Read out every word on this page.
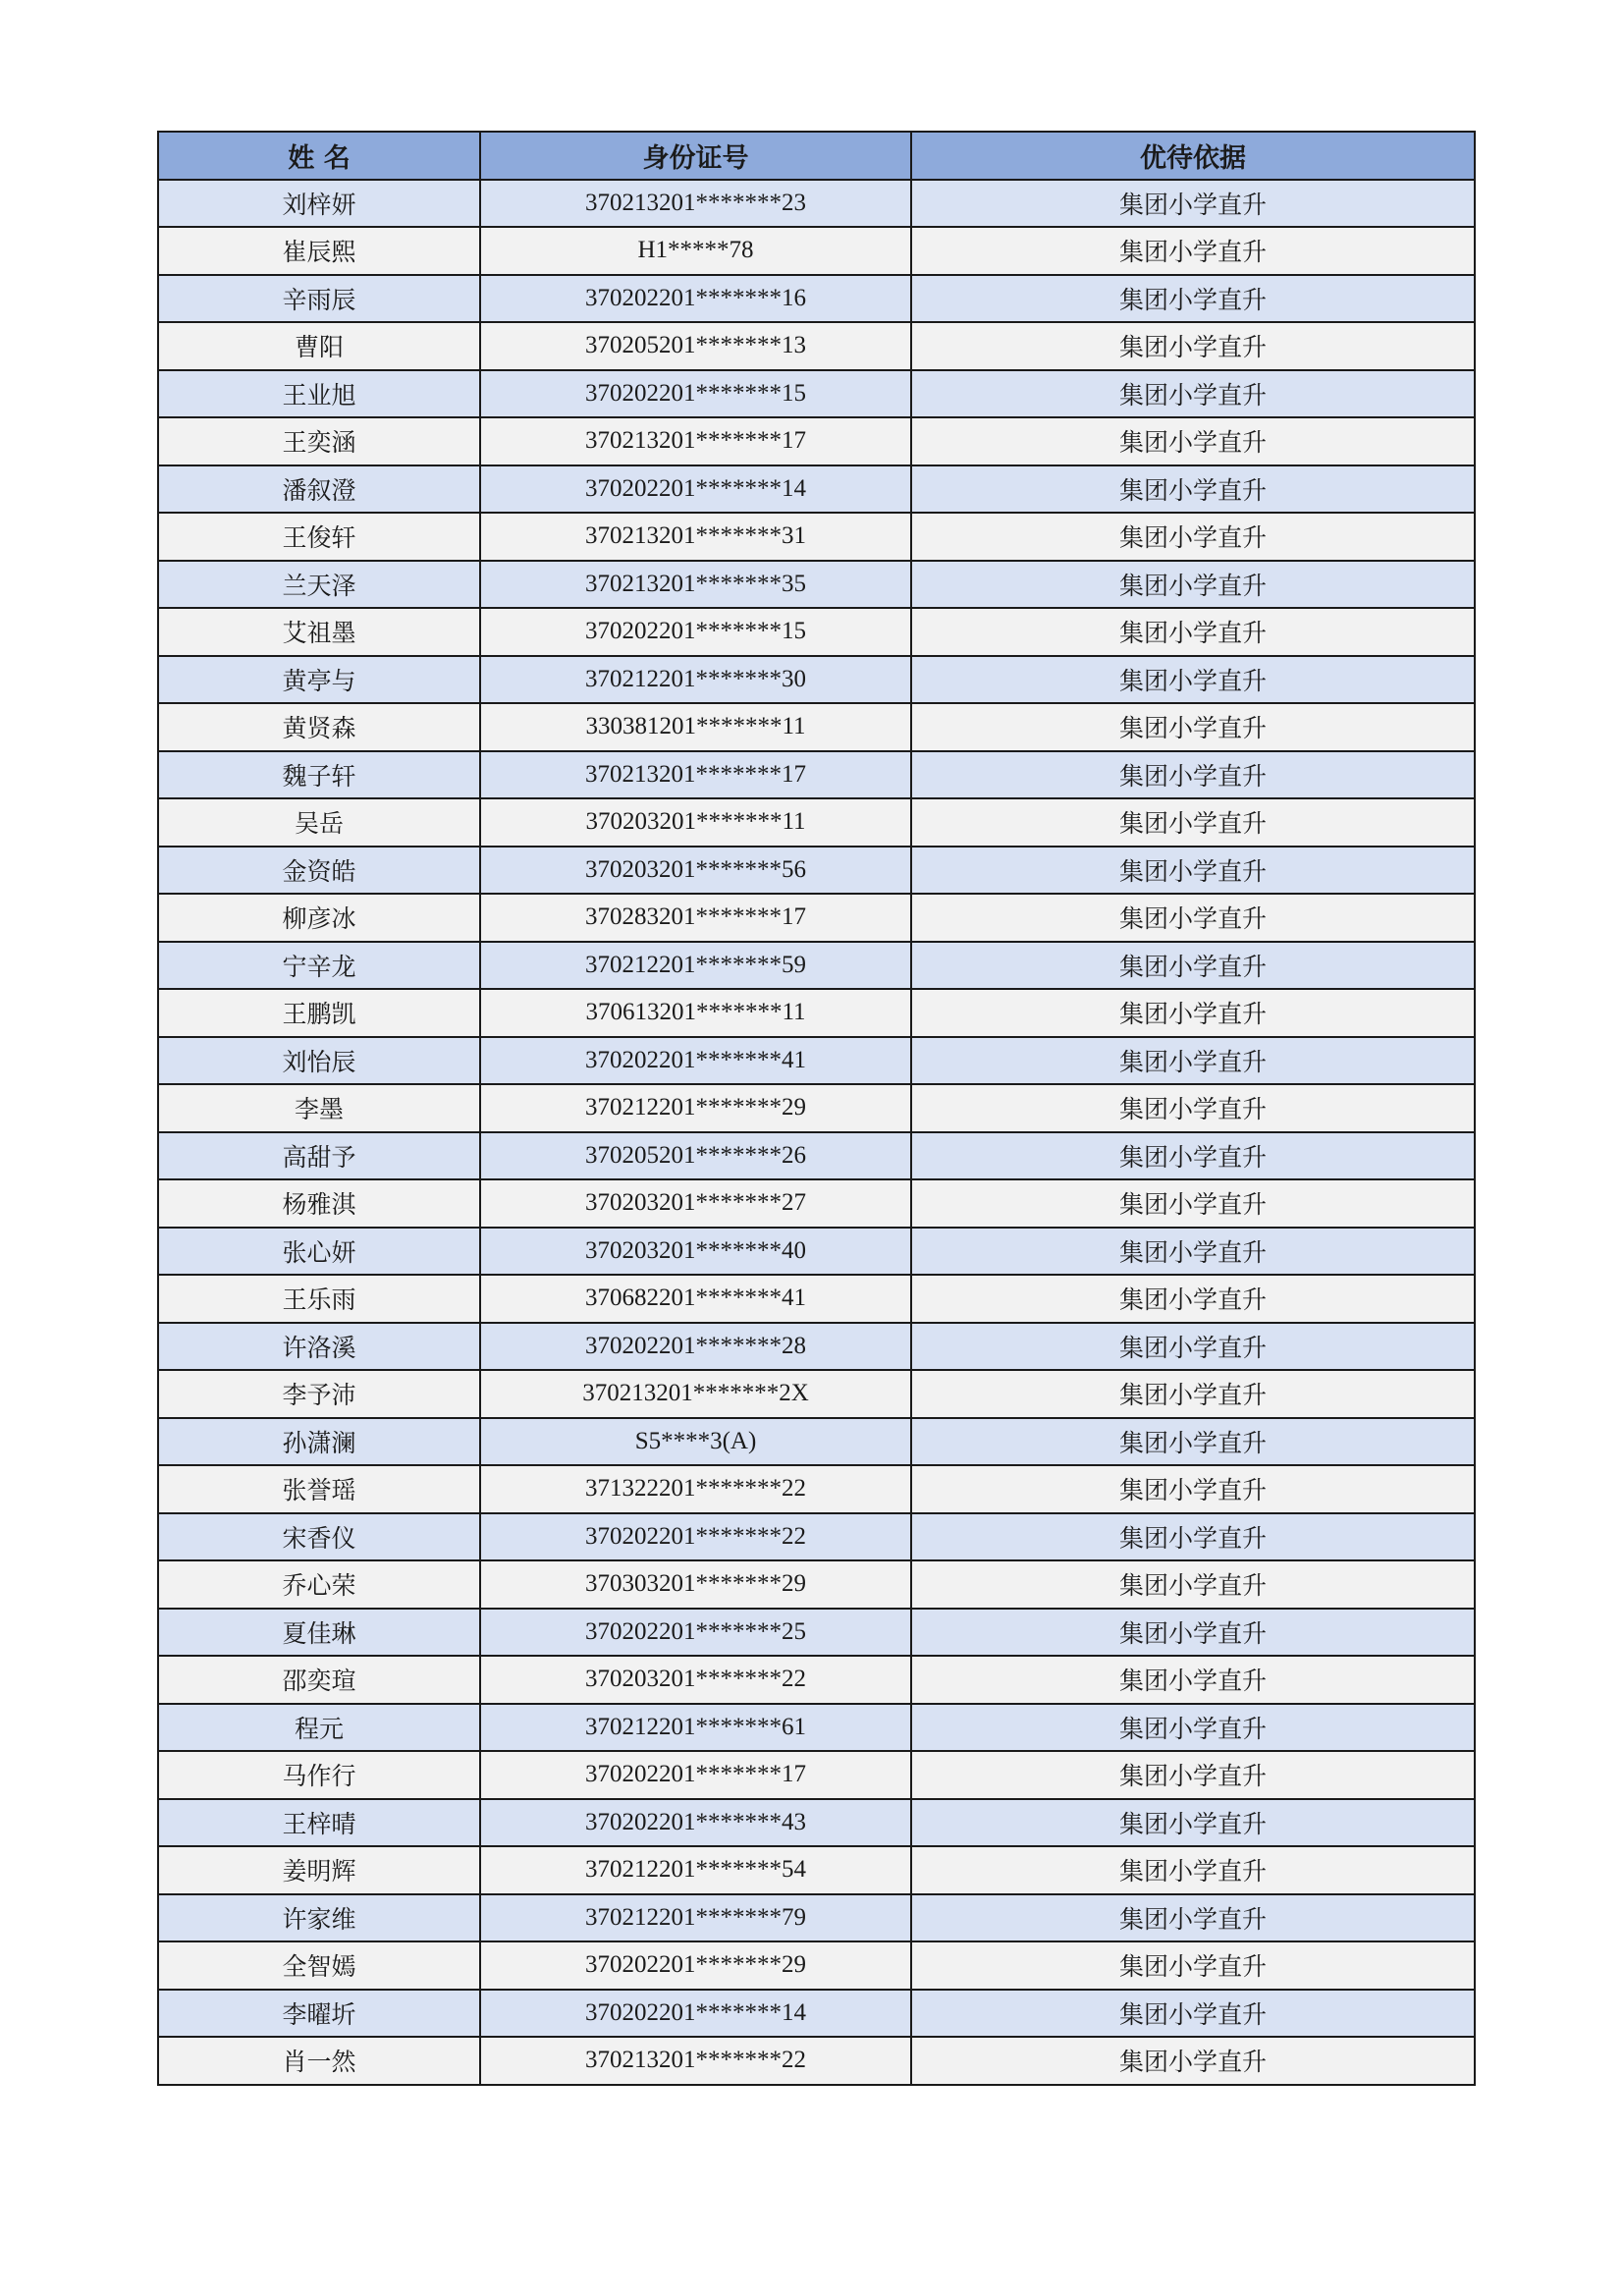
姓 名	身份证号	优待依据
刘梓妍	370213201*******23	集团小学直升
崔辰熙	H1*****78	集团小学直升
辛雨辰	370202201*******16	集团小学直升
曹阳	370205201*******13	集团小学直升
王业旭	370202201*******15	集团小学直升
王奕涵	370213201*******17	集团小学直升
潘叙澄	370202201*******14	集团小学直升
王俊轩	370213201*******31	集团小学直升
兰天泽	370213201*******35	集团小学直升
艾祖墨	370202201*******15	集团小学直升
黄亭与	370212201*******30	集团小学直升
黄贤森	330381201*******11	集团小学直升
魏子轩	370213201*******17	集团小学直升
吴岳	370203201*******11	集团小学直升
金资皓	370203201*******56	集团小学直升
柳彦冰	370283201*******17	集团小学直升
宁辛龙	370212201*******59	集团小学直升
王鹏凯	370613201*******11	集团小学直升
刘怡辰	370202201*******41	集团小学直升
李墨	370212201*******29	集团小学直升
高甜予	370205201*******26	集团小学直升
杨雅淇	370203201*******27	集团小学直升
张心妍	370203201*******40	集团小学直升
王乐雨	370682201*******41	集团小学直升
许洛溪	370202201*******28	集团小学直升
李予沛	370213201*******2X	集团小学直升
孙潇澜	S5****3(A)	集团小学直升
张誉瑶	371322201*******22	集团小学直升
宋香仪	370202201*******22	集团小学直升
乔心荣	370303201*******29	集团小学直升
夏佳琳	370202201*******25	集团小学直升
邵奕瑄	370203201*******22	集团小学直升
程元	370212201*******61	集团小学直升
马作行	370202201*******17	集团小学直升
王梓晴	370202201*******43	集团小学直升
姜明辉	370212201*******54	集团小学直升
许家维	370212201*******79	集团小学直升
全智嫣	370202201*******29	集团小学直升
李曜圻	370202201*******14	集团小学直升
肖一然	370213201*******22	集团小学直升
